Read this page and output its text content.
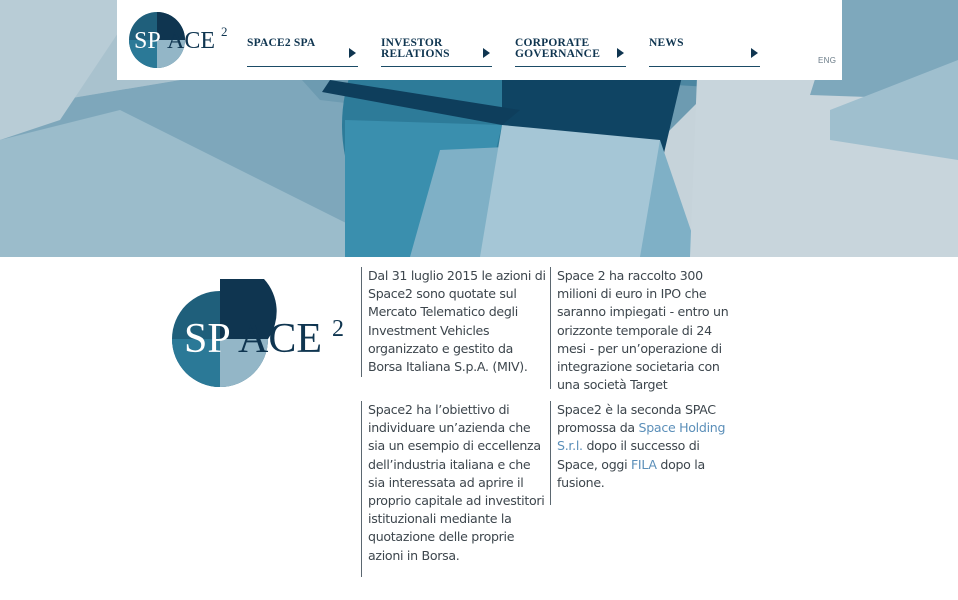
SP ACE 2
SPACE2 SPA	INVESTOR
RELATIONS
CORPORATE
GOVERNANCE
NEWS
ENG
SP ACE 2
Dal 31 luglio 2015 le azioni di Space2 sono quotate sul Mercato Telematico degli Investment Vehicles organizzato e gestito da Borsa Italiana S.p.A. (MIV).
Space 2 ha raccolto 300 milioni di euro in IPO che saranno impiegati - entro un orizzonte temporale di 24 mesi - per un’operazione di integrazione societaria con una società Target
Space2 ha l’obiettivo di individuare un’azienda che sia un esempio di eccellenza dell’industria italiana e che sia interessata ad aprire il proprio capitale ad investitori istituzionali mediante la quotazione delle proprie azioni in Borsa.
Space2 è la seconda SPAC promossa da Space Holding S.r.l. dopo il successo di Space, oggi FILA dopo la fusione.
